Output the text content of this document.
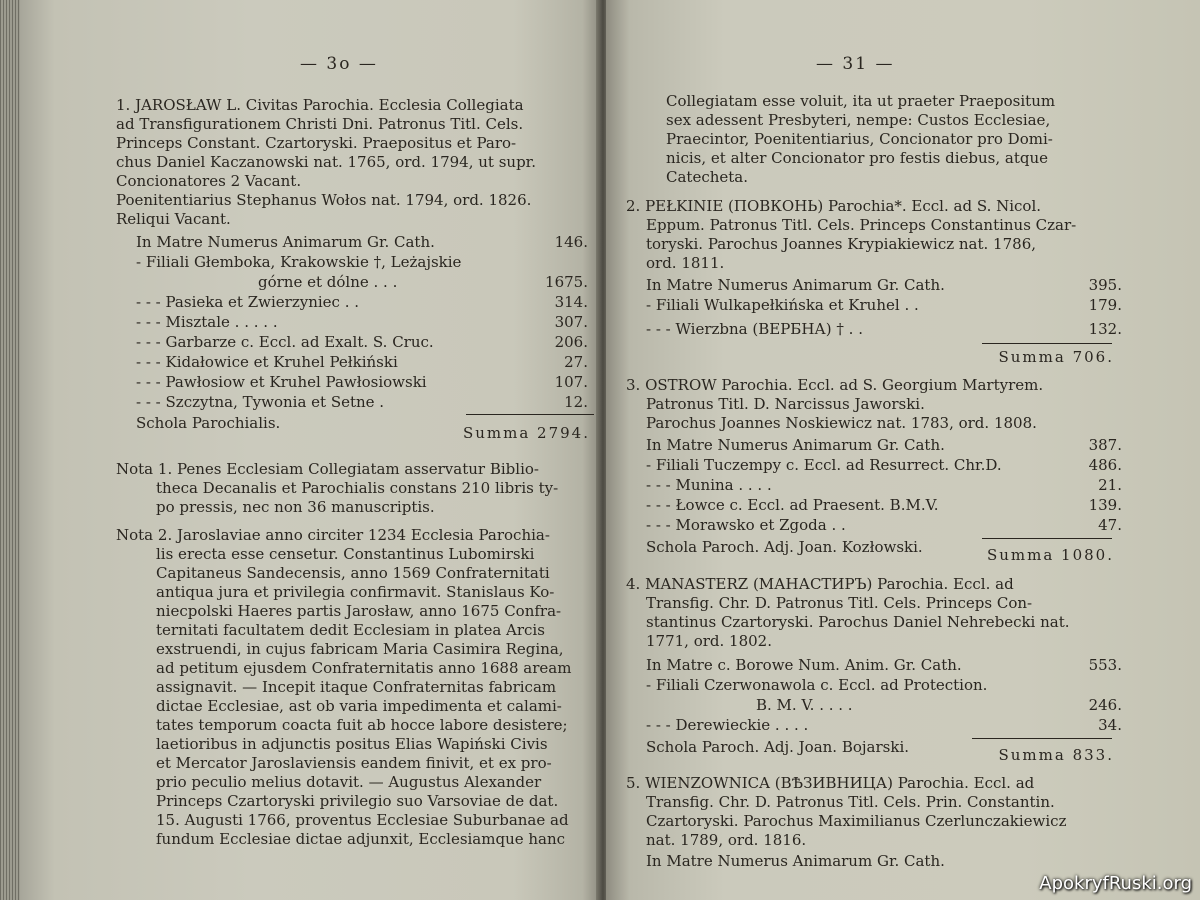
— 3o —
1. JAROSŁAW L. Civitas Parochia. Ecclesia Collegiata
ad Transfigurationem Christi Dni. Patronus Titl. Cels.
Princeps Constant. Czartoryski. Praepositus et Paro-
chus Daniel Kaczanowski nat. 1765, ord. 1794, ut supr.
Concionatores 2 Vacant.
Poenitentiarius Stephanus Wołos nat. 1794, ord. 1826.
Reliqui Vacant.
In Matre Numerus Animarum Gr. Cath.	146.
- Filiali Głemboka, Krakowskie †, Leżajskie
górne et dólne . . .	1675.
- - - Pasieka et Zwierzyniec . .	314.
- - - Misztale . . . . .	307.
- - - Garbarze c. Eccl. ad Exalt. S. Cruc.	206.
- - - Kidałowice et Kruhel Pełkiński	27.
- - - Pawłosiow et Kruhel Pawłosiowski	107.
- - - Szczytna, Tywonia et Setne .	12.
Schola Parochialis.
Summa 2794.
Nota 1. Penes Ecclesiam Collegiatam asservatur Biblio-
theca Decanalis et Parochialis constans 210 libris ty-
po pressis, nec non 36 manuscriptis.
Nota 2. Jaroslaviae anno circiter 1234 Ecclesia Parochia-
lis erecta esse censetur. Constantinus Lubomirski
Capitaneus Sandecensis, anno 1569 Confraternitati
antiqua jura et privilegia confirmavit. Stanislaus Ko-
niecpolski Haeres partis Jarosław, anno 1675 Confra-
ternitati facultatem dedit Ecclesiam in platea Arcis
exstruendi, in cujus fabricam Maria Casimira Regina,
ad petitum ejusdem Confraternitatis anno 1688 aream
assignavit. — Incepit itaque Confraternitas fabricam
dictae Ecclesiae, ast ob varia impedimenta et calami-
tates temporum coacta fuit ab hocce labore desistere;
laetioribus in adjunctis positus Elias Wapiński Civis
et Mercator Jaroslaviensis eandem finivit, et ex pro-
prio peculio melius dotavit. — Augustus Alexander
Princeps Czartoryski privilegio suo Varsoviae de dat.
15. Augusti 1766, proventus Ecclesiae Suburbanae ad
fundum Ecclesiae dictae adjunxit, Ecclesiamque hanc
— 31 —
Collegiatam esse voluit, ita ut praeter Praepositum
sex adessent Presbyteri, nempe: Custos Ecclesiae,
Praecintor, Poenitentiarius, Concionator pro Domi-
nicis, et alter Concionator pro festis diebus, atque
Catecheta.
2. PEŁKINIE (ПОВКОНЬ) Parochia*. Eccl. ad S. Nicol.
Eppum. Patronus Titl. Cels. Princeps Constantinus Czar-
toryski. Parochus Joannes Krypiakiewicz nat. 1786,
ord. 1811.
In Matre Numerus Animarum Gr. Cath.	395.
- Filiali Wulkapełkińska et Kruhel . .	179.
- - - Wierzbna (ВЕРБНА) † . .	132.
Summa 706.
3. OSTROW Parochia. Eccl. ad S. Georgium Martyrem.
Patronus Titl. D. Narcissus Jaworski.
Parochus Joannes Noskiewicz nat. 1783, ord. 1808.
In Matre Numerus Animarum Gr. Cath.	387.
- Filiali Tuczempy c. Eccl. ad Resurrect. Chr.D.	486.
- - - Munina . . . .	21.
- - - Łowce c. Eccl. ad Praesent. B.M.V.	139.
- - - Morawsko et Zgoda . .	47.
Schola Paroch. Adj. Joan. Kozłowski.	Summa 1080.
4. MANASTERZ (МАНАСТИРЪ) Parochia. Eccl. ad
Transfig. Chr. D. Patronus Titl. Cels. Princeps Con-
stantinus Czartoryski. Parochus Daniel Nehrebecki nat.
1771, ord. 1802.
In Matre c. Borowe Num. Anim. Gr. Cath.	553.
- Filiali Czerwonawola c. Eccl. ad Protection.
B. M. V. . . . .	246.
- - - Derewieckie . . . .	34.
Schola Paroch. Adj. Joan. Bojarski.	Summa 833.
5. WIENZOWNICA (ВѢЗИВНИЦА) Parochia. Eccl. ad
Transfig. Chr. D. Patronus Titl. Cels. Prin. Constantin.
Czartoryski. Parochus Maximilianus Czerlunczakiewicz
nat. 1789, ord. 1816.
In Matre Numerus Animarum Gr. Cath.
ApokryfRuski.org
